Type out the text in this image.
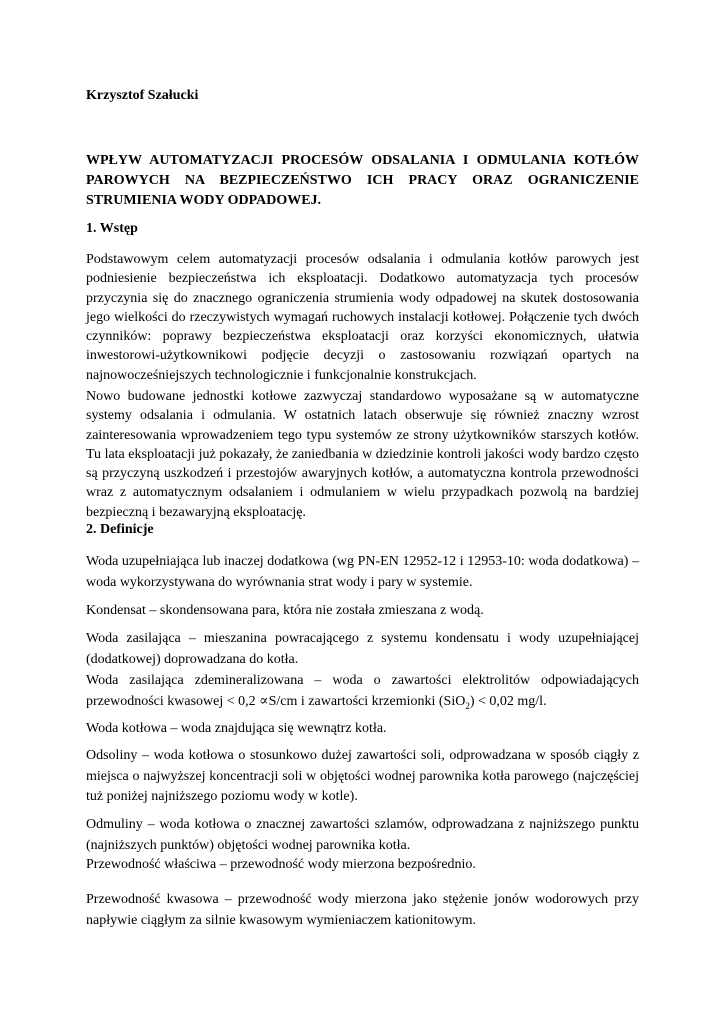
Krzysztof Szałucki
WPŁYW AUTOMATYZACJI PROCESÓW ODSALANIA I ODMULANIA KOTŁÓW PAROWYCH NA BEZPIECZEŃSTWO ICH PRACY ORAZ OGRANICZENIE STRUMIENIA WODY ODPADOWEJ.
1. Wstęp
Podstawowym celem automatyzacji procesów odsalania i odmulania kotłów parowych jest podniesienie bezpieczeństwa ich eksploatacji. Dodatkowo automatyzacja tych procesów przyczynia się do znacznego ograniczenia strumienia wody odpadowej na skutek dostosowania jego wielkości do rzeczywistych wymagań ruchowych instalacji kotłowej. Połączenie tych dwóch czynników: poprawy bezpieczeństwa eksploatacji oraz korzyści ekonomicznych, ułatwia inwestorowi-użytkownikowi podjęcie decyzji o zastosowaniu rozwiązań opartych na najnowocześniejszych technologicznie i funkcjonalnie konstrukcjach.
Nowo budowane jednostki kotłowe zazwyczaj standardowo wyposażane są w automatyczne systemy odsalania i odmulania. W ostatnich latach obserwuje się również znaczny wzrost zainteresowania wprowadzeniem tego typu systemów ze strony użytkowników starszych kotłów. Tu lata eksploatacji już pokazały, że zaniedbania w dziedzinie kontroli jakości wody bardzo często są przyczyną uszkodzeń i przestojów awaryjnych kotłów, a automatyczna kontrola przewodności wraz z automatycznym odsalaniem i odmulaniem w wielu przypadkach pozwolą na bardziej bezpieczną i bezawaryjną eksploatację.
2. Definicje
Woda uzupełniająca lub inaczej dodatkowa (wg PN-EN 12952-12 i 12953-10: woda dodatkowa) – woda wykorzystywana do wyrównania strat wody i pary w systemie.
Kondensat – skondensowana para, która nie została zmieszana z wodą.
Woda zasilająca – mieszanina powracającego z systemu kondensatu i wody uzupełniającej (dodatkowej) doprowadzana do kotła.
Woda zasilająca zdemineralizowana – woda o zawartości elektrolitów odpowiadających przewodności kwasowej < 0,2 ∝S/cm i zawartości krzemionki (SiO$_2$) < 0,02 mg/l.
Woda kotłowa – woda znajdująca się wewnątrz kotła.
Odsoliny – woda kotłowa o stosunkowo dużej zawartości soli, odprowadzana w sposób ciągły z miejsca o najwyższej koncentracji soli w objętości wodnej parownika kotła parowego (najczęściej tuż poniżej najniższego poziomu wody w kotle).
Odmuliny – woda kotłowa o znacznej zawartości szlamów, odprowadzana z najniższego punktu (najniższych punktów) objętości wodnej parownika kotła.
Przewodność właściwa – przewodność wody mierzona bezpośrednio.
Przewodność kwasowa – przewodność wody mierzona jako stężenie jonów wodorowych przy napływie ciągłym za silnie kwasowym wymieniaczem kationitowym.
